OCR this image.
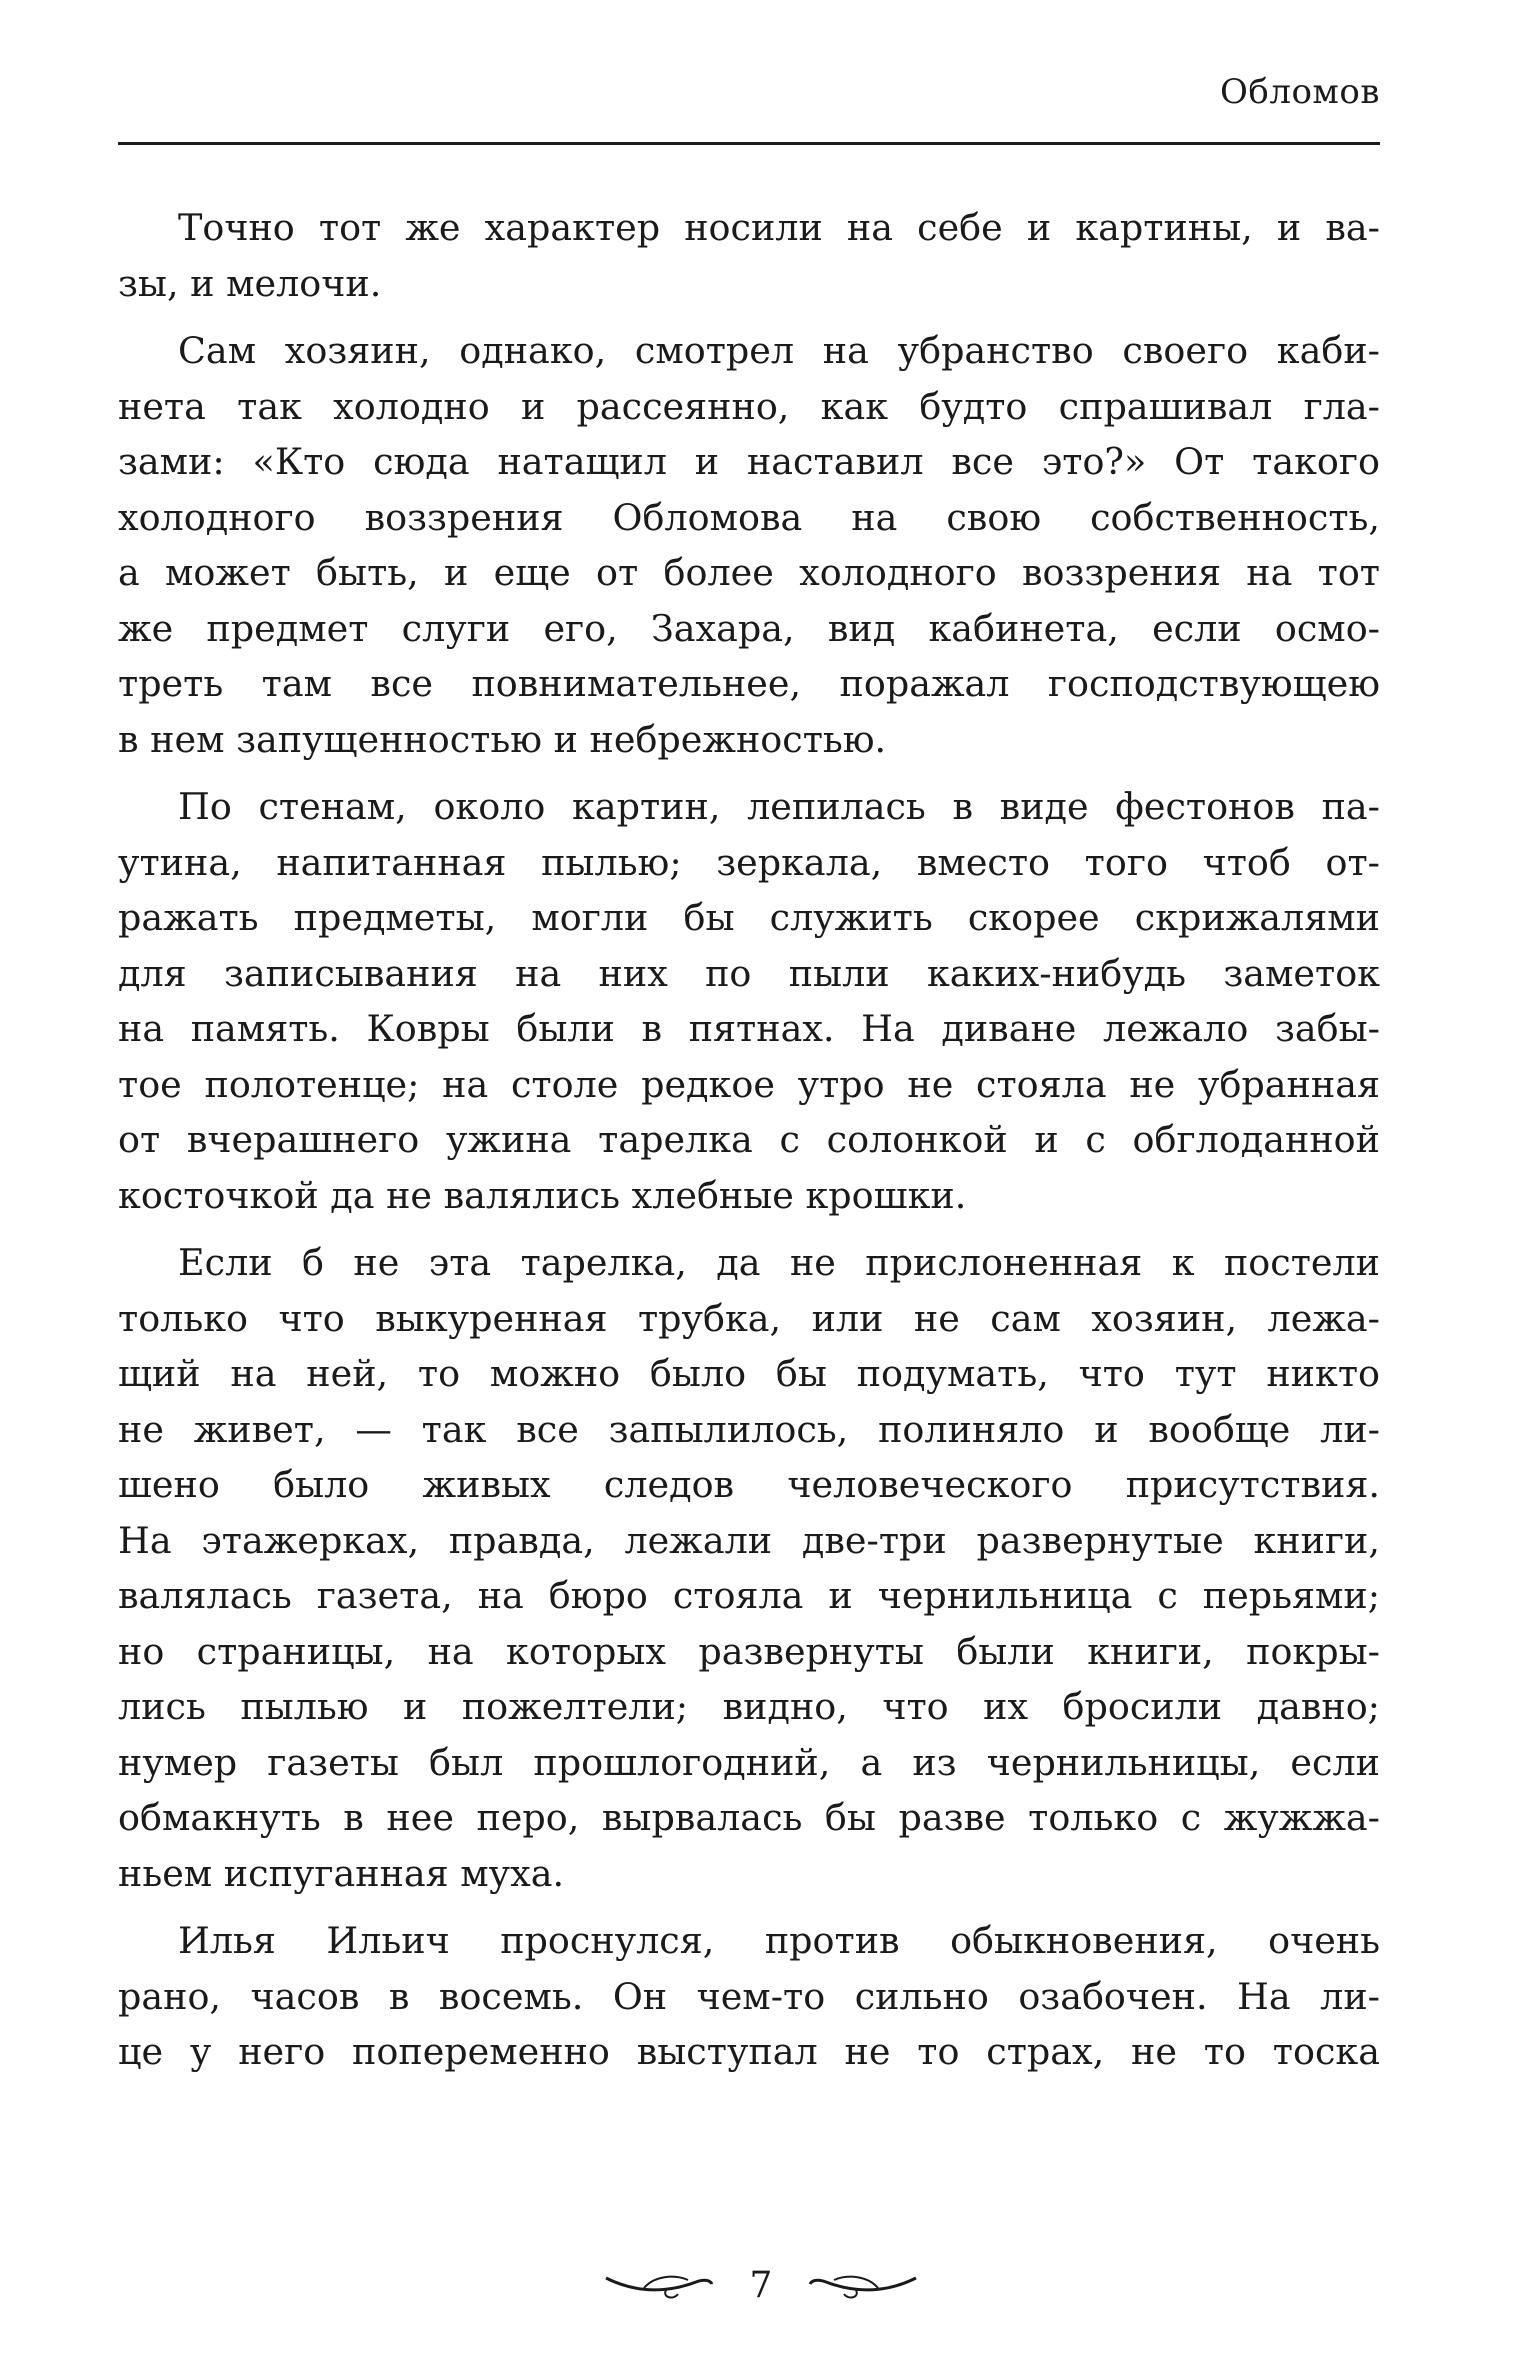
Обломов
Точно тот же характер носили на себе и картины, и ва-
зы, и мелочи.
Сам хозяин, однако, смотрел на убранство своего каби-
нета так холодно и рассеянно, как будто спрашивал гла-
зами: «Кто сюда натащил и наставил все это?» От такого
холодного воззрения Обломова на свою собственность,
а может быть, и еще от более холодного воззрения на тот
же предмет слуги его, Захара, вид кабинета, если осмо-
треть там все повнимательнее, поражал господствующею
в нем запущенностью и небрежностью.
По стенам, около картин, лепилась в виде фестонов па-
утина, напитанная пылью; зеркала, вместо того чтоб от-
ражать предметы, могли бы служить скорее скрижалями
для записывания на них по пыли каких-нибудь заметок
на память. Ковры были в пятнах. На диване лежало забы-
тое полотенце; на столе редкое утро не стояла не убранная
от вчерашнего ужина тарелка с солонкой и с обглоданной
косточкой да не валялись хлебные крошки.
Если б не эта тарелка, да не прислоненная к постели
только что выкуренная трубка, или не сам хозяин, лежа-
щий на ней, то можно было бы подумать, что тут никто
не живет, — так все запылилось, полиняло и вообще ли-
шено было живых следов человеческого присутствия.
На этажерках, правда, лежали две-три развернутые книги,
валялась газета, на бюро стояла и чернильница с перьями;
но страницы, на которых развернуты были книги, покры-
лись пылью и пожелтели; видно, что их бросили давно;
нумер газеты был прошлогодний, а из чернильницы, если
обмакнуть в нее перо, вырвалась бы разве только с жужжа-
ньем испуганная муха.
Илья Ильич проснулся, против обыкновения, очень
рано, часов в восемь. Он чем-то сильно озабочен. На ли-
це у него попеременно выступал не то страх, не то тоска
7
